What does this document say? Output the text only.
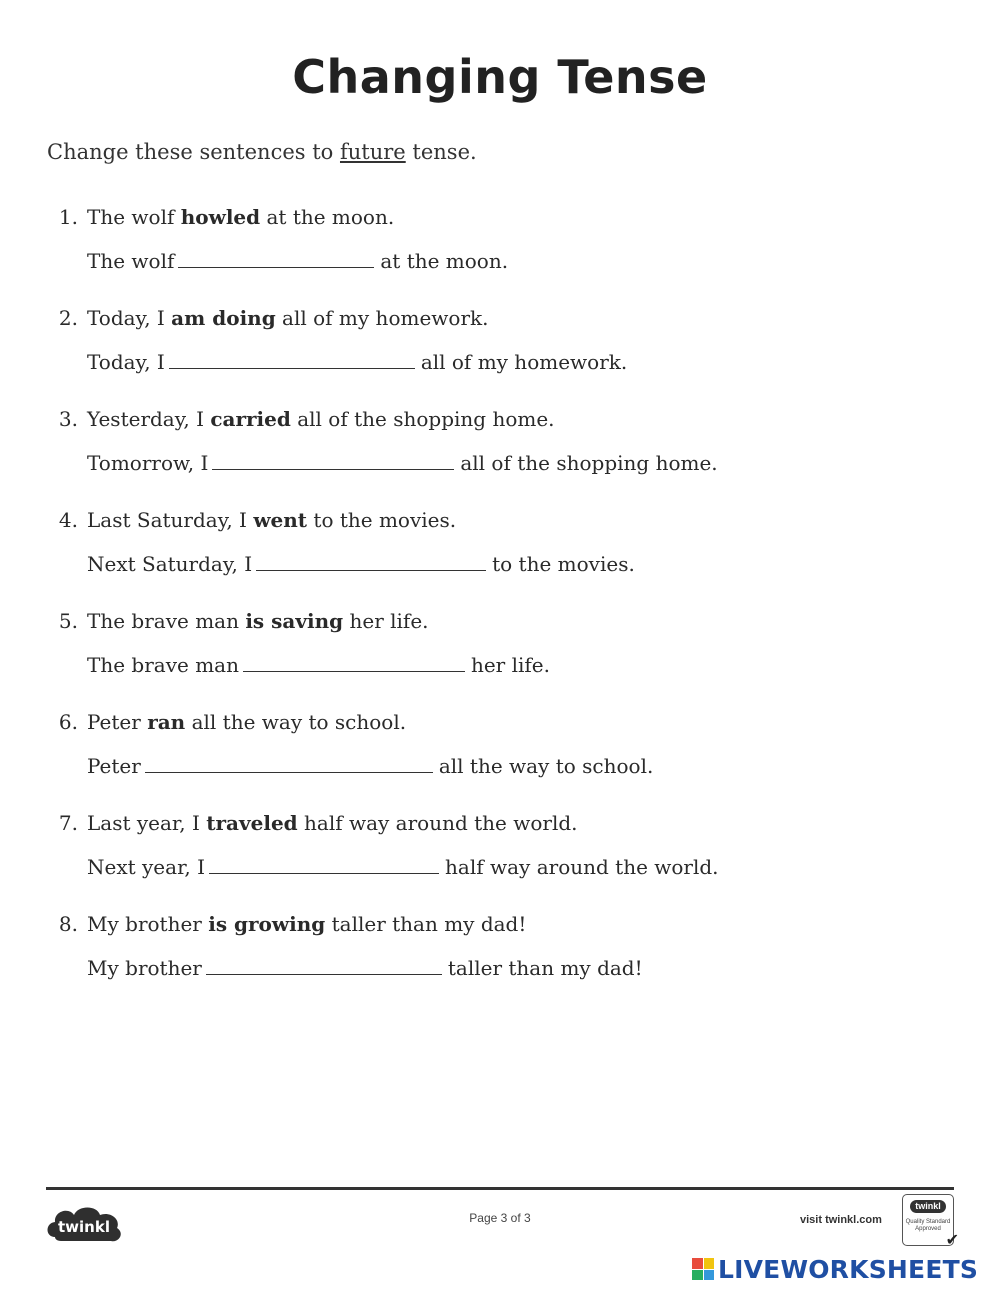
Changing Tense
Change these sentences to future tense.
1. The wolf howled at the moon.
The wolf	at the moon.
2. Today, I am doing all of my homework.
Today, I	all of my homework.
3. Yesterday, I carried all of the shopping home.
Tomorrow, I	all of the shopping home.
4. Last Saturday, I went to the movies.
Next Saturday, I	to the movies.
5. The brave man is saving her life.
The brave man	her life.
6. Peter ran all the way to school.
Peter	all the way to school.
7. Last year, I traveled half way around the world.
Next year, I	half way around the world.
8. My brother is growing taller than my dad!
My brother	taller than my dad!
twinkl	Page 3 of 3	visit twinkl.com
twinkl
Quality Standard Approved
✔
LIVEWORKSHEETS
